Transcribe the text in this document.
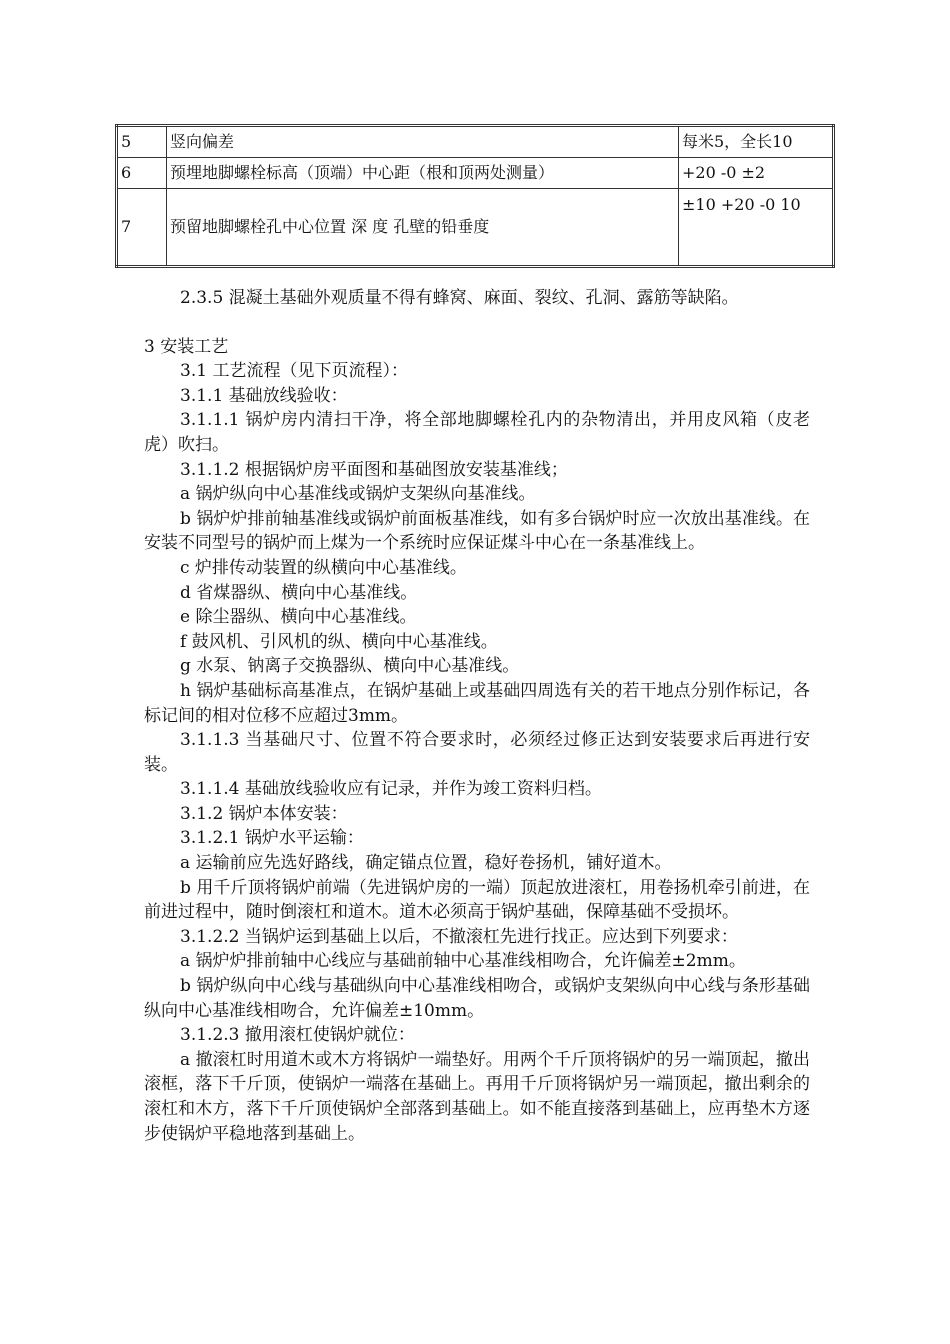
5	竖向偏差	每米5，全长10
6	预埋地脚螺栓标高（顶端）中心距（根和顶两处测量）	+20 -0 ±2
7	预留地脚螺栓孔中心位置 深 度 孔壁的铅垂度	±10 +20 -0 10

2.3.5 混凝土基础外观质量不得有蜂窝、麻面、裂纹、孔洞、露筋等缺陷。

3 安装工艺

3.1 工艺流程（见下页流程）：

3.1.1 基础放线验收：

3.1.1.1 锅炉房内清扫干净，将全部地脚螺栓孔内的杂物清出，并用皮风箱（皮老虎）吹扫。

3.1.1.2 根据锅炉房平面图和基础图放安装基准线；

a 锅炉纵向中心基准线或锅炉支架纵向基准线。

b 锅炉炉排前轴基准线或锅炉前面板基准线，如有多台锅炉时应一次放出基准线。在安装不同型号的锅炉而上煤为一个系统时应保证煤斗中心在一条基准线上。

c 炉排传动装置的纵横向中心基准线。

d 省煤器纵、横向中心基准线。

e 除尘器纵、横向中心基准线。

f 鼓风机、引风机的纵、横向中心基准线。

g 水泵、钠离子交换器纵、横向中心基准线。

h 锅炉基础标高基准点，在锅炉基础上或基础四周选有关的若干地点分别作标记，各标记间的相对位移不应超过3mm。

3.1.1.3 当基础尺寸、位置不符合要求时，必须经过修正达到安装要求后再进行安装。

3.1.1.4 基础放线验收应有记录，并作为竣工资料归档。

3.1.2 锅炉本体安装：

3.1.2.1 锅炉水平运输：

a 运输前应先选好路线，确定锚点位置，稳好卷扬机，铺好道木。

b 用千斤顶将锅炉前端（先进锅炉房的一端）顶起放进滚杠，用卷扬机牵引前进，在前进过程中，随时倒滚杠和道木。道木必须高于锅炉基础，保障基础不受损坏。

3.1.2.2 当锅炉运到基础上以后，不撤滚杠先进行找正。应达到下列要求：

a 锅炉炉排前轴中心线应与基础前轴中心基准线相吻合，允许偏差±2mm。

b 锅炉纵向中心线与基础纵向中心基准线相吻合，或锅炉支架纵向中心线与条形基础纵向中心基准线相吻合，允许偏差±10mm。

3.1.2.3 撤用滚杠使锅炉就位：

a 撤滚杠时用道木或木方将锅炉一端垫好。用两个千斤顶将锅炉的另一端顶起，撤出滚框，落下千斤顶，使锅炉一端落在基础上。再用千斤顶将锅炉另一端顶起，撤出剩余的滚杠和木方，落下千斤顶使锅炉全部落到基础上。如不能直接落到基础上，应再垫木方逐步使锅炉平稳地落到基础上。
